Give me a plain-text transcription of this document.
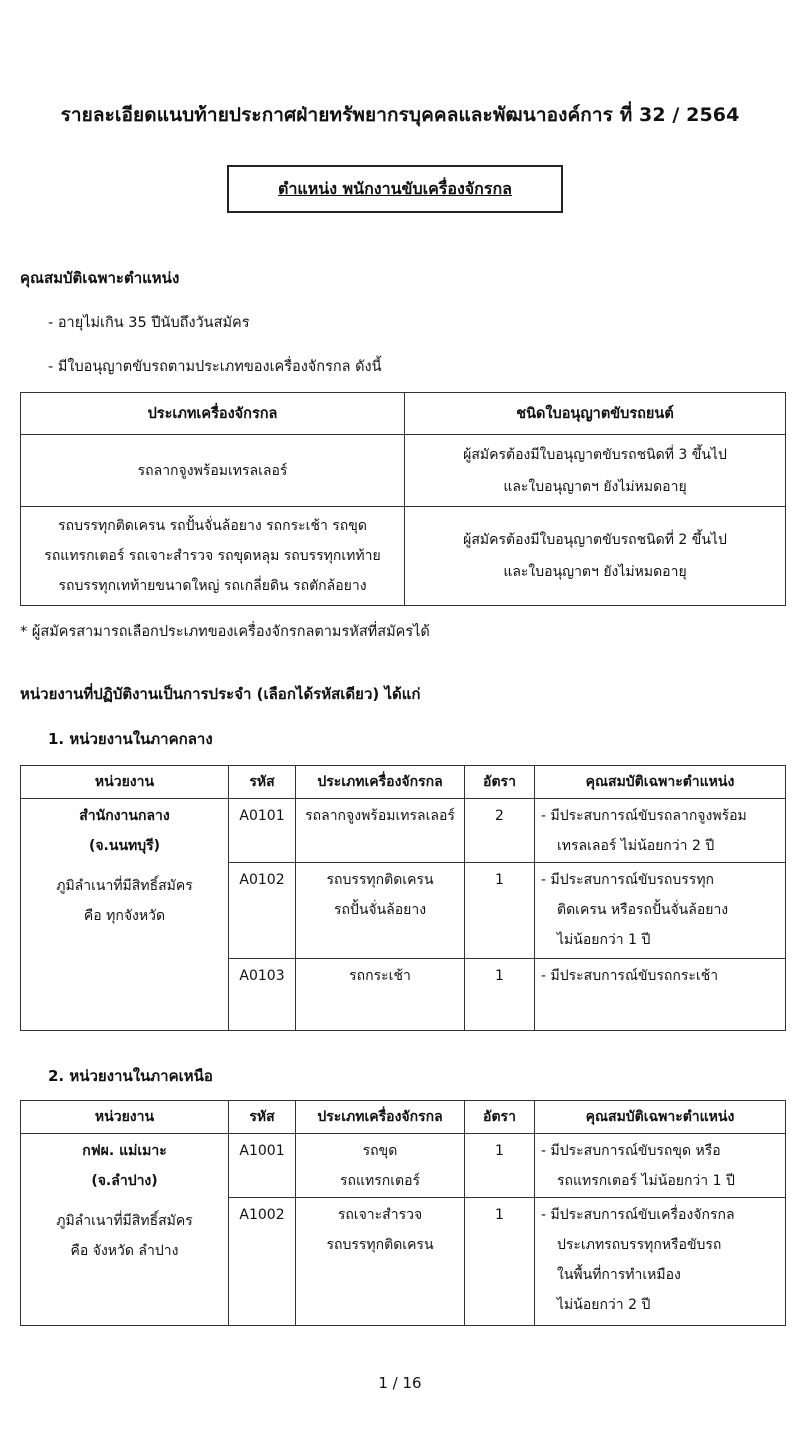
รายละเอียดแนบท้ายประกาศฝ่ายทรัพยากรบุคคลและพัฒนาองค์การ ที่ 32 / 2564
ตำแหน่ง พนักงานขับเครื่องจักรกล
คุณสมบัติเฉพาะตำแหน่ง
- อายุไม่เกิน 35 ปีนับถึงวันสมัคร
- มีใบอนุญาตขับรถตามประเภทของเครื่องจักรกล ดังนี้
ประเภทเครื่องจักรกล	ชนิดใบอนุญาตขับรถยนต์

รถลากจูงพร้อมเทรลเลอร์	ผู้สมัครต้องมีใบอนุญาตขับรถชนิดที่ 3 ขึ้นไป
และใบอนุญาตฯ ยังไม่หมดอายุ

รถบรรทุกติดเครน รถปั้นจั่นล้อยาง รถกระเช้า รถขุด
รถแทรกเตอร์ รถเจาะสำรวจ รถขุดหลุม รถบรรทุกเทท้าย
รถบรรทุกเทท้ายขนาดใหญ่ รถเกลี่ยดิน รถตักล้อยาง	ผู้สมัครต้องมีใบอนุญาตขับรถชนิดที่ 2 ขึ้นไป
และใบอนุญาตฯ ยังไม่หมดอายุ
* ผู้สมัครสามารถเลือกประเภทของเครื่องจักรกลตามรหัสที่สมัครได้
หน่วยงานที่ปฏิบัติงานเป็นการประจำ (เลือกได้รหัสเดียว) ได้แก่
1. หน่วยงานในภาคกลาง
หน่วยงาน	รหัส	ประเภทเครื่องจักรกล	อัตรา	คุณสมบัติเฉพาะตำแหน่ง

สำนักงานกลาง
(จ.นนทบุรี)
ภูมิลำเนาที่มีสิทธิ์สมัคร
คือ ทุกจังหวัด	A0101	รถลากจูงพร้อมเทรลเลอร์	2	- มีประสบการณ์ขับรถลากจูงพร้อม
เทรลเลอร์ ไม่น้อยกว่า 2 ปี

	A0102	รถบรรทุกติดเครน
รถปั้นจั่นล้อยาง	1	- มีประสบการณ์ขับรถบรรทุก
ติดเครน หรือรถปั้นจั่นล้อยาง
ไม่น้อยกว่า 1 ปี

	A0103	รถกระเช้า	1	- มีประสบการณ์ขับรถกระเช้า
2. หน่วยงานในภาคเหนือ
หน่วยงาน	รหัส	ประเภทเครื่องจักรกล	อัตรา	คุณสมบัติเฉพาะตำแหน่ง

กฟผ. แม่เมาะ
(จ.ลำปาง)
ภูมิลำเนาที่มีสิทธิ์สมัคร
คือ จังหวัด ลำปาง	A1001	รถขุด
รถแทรกเตอร์	1	- มีประสบการณ์ขับรถขุด หรือ
รถแทรกเตอร์ ไม่น้อยกว่า 1 ปี

	A1002	รถเจาะสำรวจ
รถบรรทุกติดเครน	1	- มีประสบการณ์ขับเครื่องจักรกล
ประเภทรถบรรทุกหรือขับรถ
ในพื้นที่การทำเหมือง
ไม่น้อยกว่า 2 ปี
1 / 16
